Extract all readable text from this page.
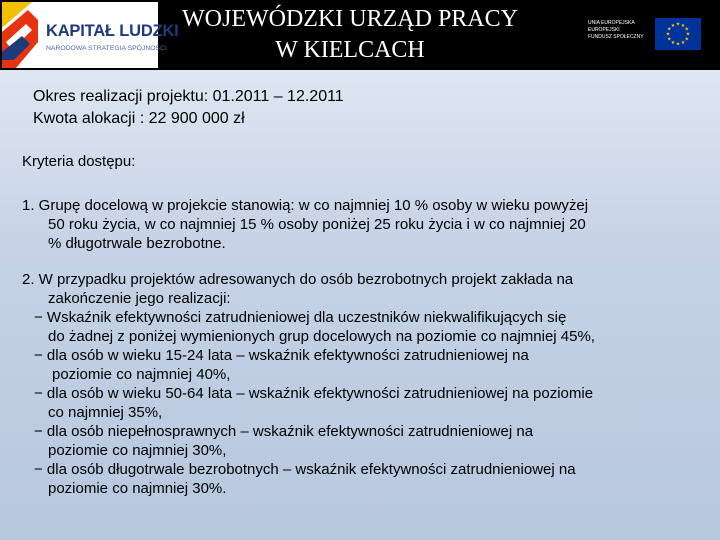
KAPITAŁ LUDZKI
NARODOWA STRATEGIA SPÓJNOŚCI
WOJEWÓDZKI URZĄD PRACY
W KIELCACH
UNIA EUROPEJSKA
EUROPEJSKI
FUNDUSZ SPOŁECZNY
★ ★
★
★
★
★
★
★
★
★
★
★
Okres realizacji projektu: 01.2011 – 12.2011
Kwota alokacji : 22 900 000 zł
Kryteria dostępu:
1. Grupę docelową w projekcie stanowią: w co najmniej 10 % osoby w wieku powyżej
50 roku życia, w co najmniej 15 % osoby poniżej 25 roku życia i w co najmniej 20
% długotrwale bezrobotne.
2. W przypadku projektów adresowanych do osób bezrobotnych projekt zakłada na
zakończenie jego realizacji:
− Wskaźnik efektywności zatrudnieniowej dla uczestników niekwalifikujących się
do żadnej z poniżej wymienionych grup docelowych na poziomie co najmniej 45%,
− dla osób w wieku 15-24 lata – wskaźnik efektywności zatrudnieniowej na
poziomie co najmniej 40%,
− dla osób w wieku 50-64 lata – wskaźnik efektywności zatrudnieniowej na poziomie
co najmniej 35%,
− dla osób niepełnosprawnych – wskaźnik efektywności zatrudnieniowej na
poziomie co najmniej 30%,
− dla osób długotrwale bezrobotnych – wskaźnik efektywności zatrudnieniowej na
poziomie co najmniej 30%.
